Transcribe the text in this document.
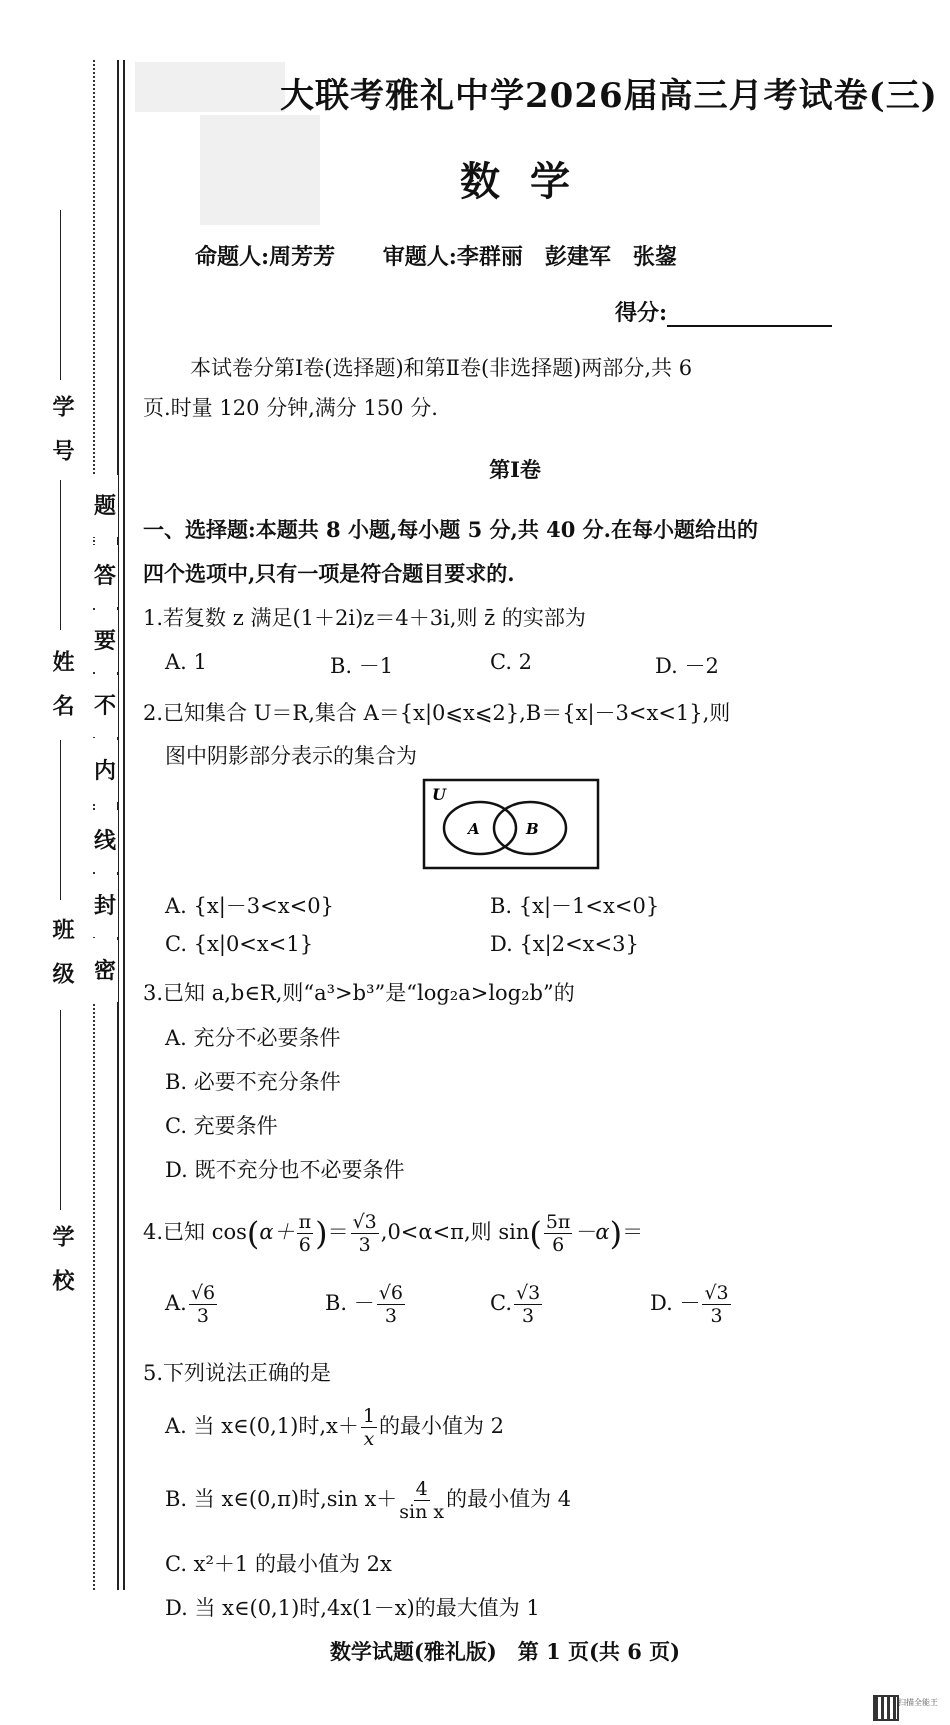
学　号
姓　名
班　级
学　校
题
答
要
不
内
线
封
密
大联考雅礼中学2026届高三月考试卷(三)
数学
命题人:周芳芳 审题人:李群丽　彭建军　张鋆
得分:
本试卷分第Ⅰ卷(选择题)和第Ⅱ卷(非选择题)两部分,共 6
页.时量 120 分钟,满分 150 分.
第Ⅰ卷
一、选择题:本题共 8 小题,每小题 5 分,共 40 分.在每小题给出的
四个选项中,只有一项是符合题目要求的.
1.若复数 z 满足(1＋2i)z＝4＋3i,则 z̄ 的实部为
A. 1	B. －1	C. 2	D. －2
2.已知集合 U＝R,集合 A＝{x|0⩽x⩽2},B＝{x|－3<x<1},则
图中阴影部分表示的集合为
U
A	B
A. {x|－3<x<0}	B. {x|－1<x<0}
C. {x|0<x<1}	D. {x|2<x<3}
3.已知 a,b∈R,则“a³>b³”是“log₂a>log₂b”的
A. 充分不必要条件
B. 必要不充分条件
C. 充要条件
D. 既不充分也不必要条件
4.已知 $\cos(\alpha+ \frac{\pi}{6}$ )＝ $\frac{√3}{3} ,0<\alpha<\pi$,则 $\sin( \frac{5\pi}{6} -\alpha)=$
A. $\frac{√6}{3}$	B. － $\frac{√6}{3}$	C. $\frac{√3}{3}$	D. － $\frac{√3}{3}$
5.下列说法正确的是
A. 当 x∈(0,1)时$,x+ \frac{1}{x}$ 的最小值为 2
B. 当 x∈(0,π)时,sin $x+ \frac{4}{\text{sin x}}$ 的最小值为 4
C. x²＋1 的最小值为 2x
D. 当 x∈(0,1)时,4x(1－x)的最大值为 1
数学试题(雅礼版)　第 1 页(共 6 页)
扫描全能王
